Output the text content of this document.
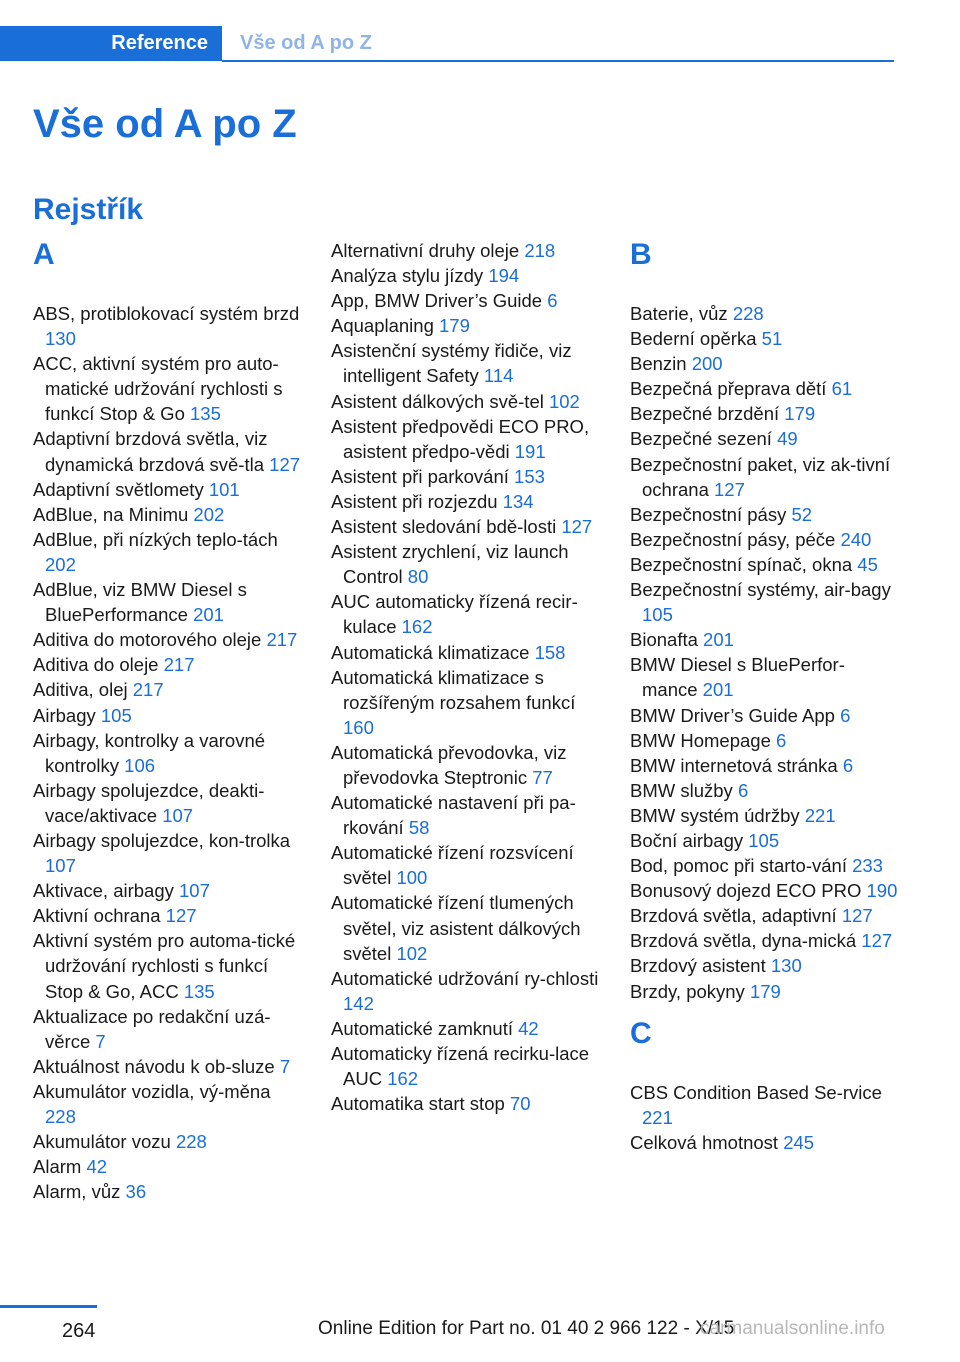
Reference	Vše od A po Z
Vše od A po Z
Rejstřík
A
ABS, protiblokovací systém brzd 130
ACC, aktivní systém pro auto-matické udržování rychlosti s funkcí Stop & Go 135
Adaptivní brzdová světla, viz dynamická brzdová svě-tla 127
Adaptivní světlomety 101
AdBlue, na Minimu 202
AdBlue, při nízkých teplo-tách 202
AdBlue, viz BMW Diesel s BluePerformance 201
Aditiva do motorového oleje 217
Aditiva do oleje 217
Aditiva, olej 217
Airbagy 105
Airbagy, kontrolky a varovné kontrolky 106
Airbagy spolujezdce, deakti-vace/aktivace 107
Airbagy spolujezdce, kon-trolka 107
Aktivace, airbagy 107
Aktivní ochrana 127
Aktivní systém pro automa-tické udržování rychlosti s funkcí Stop & Go, ACC 135
Aktualizace po redakční uzá-věrce 7
Aktuálnost návodu k ob-sluze 7
Akumulátor vozidla, vý-měna 228
Akumulátor vozu 228
Alarm 42
Alarm, vůz 36
Alternativní druhy oleje 218
Analýza stylu jízdy 194
App, BMW Driver’s Guide 6
Aquaplaning 179
Asistenční systémy řidiče, viz intelligent Safety 114
Asistent dálkových svě-tel 102
Asistent předpovědi ECO PRO, asistent předpo-vědi 191
Asistent při parkování 153
Asistent při rozjezdu 134
Asistent sledování bdě-losti 127
Asistent zrychlení, viz launch Control 80
AUC automaticky řízená recir-kulace 162
Automatická klimatizace 158
Automatická klimatizace s rozšířeným rozsahem funkcí 160
Automatická převodovka, viz převodovka Steptronic 77
Automatické nastavení při pa-rkování 58
Automatické řízení rozsvícení světel 100
Automatické řízení tlumených světel, viz asistent dálkových světel 102
Automatické udržování ry-chlosti 142
Automatické zamknutí 42
Automaticky řízená recirku-lace AUC 162
Automatika start stop 70
B
Baterie, vůz 228
Bederní opěrka 51
Benzin 200
Bezpečná přeprava dětí 61
Bezpečné brzdění 179
Bezpečné sezení 49
Bezpečnostní paket, viz ak-tivní ochrana 127
Bezpečnostní pásy 52
Bezpečnostní pásy, péče 240
Bezpečnostní spínač, okna 45
Bezpečnostní systémy, air-bagy 105
Bionafta 201
BMW Diesel s BluePerfor-mance 201
BMW Driver’s Guide App 6
BMW Homepage 6
BMW internetová stránka 6
BMW služby 6
BMW systém údržby 221
Boční airbagy 105
Bod, pomoc při starto-vání 233
Bonusový dojezd ECO PRO 190
Brzdová světla, adaptivní 127
Brzdová světla, dyna-mická 127
Brzdový asistent 130
Brzdy, pokyny 179
C
CBS Condition Based Se-rvice 221
Celková hmotnost 245
264	Online Edition for Part no. 01 40 2 966 122 - X/15
carmanualsonline.info
